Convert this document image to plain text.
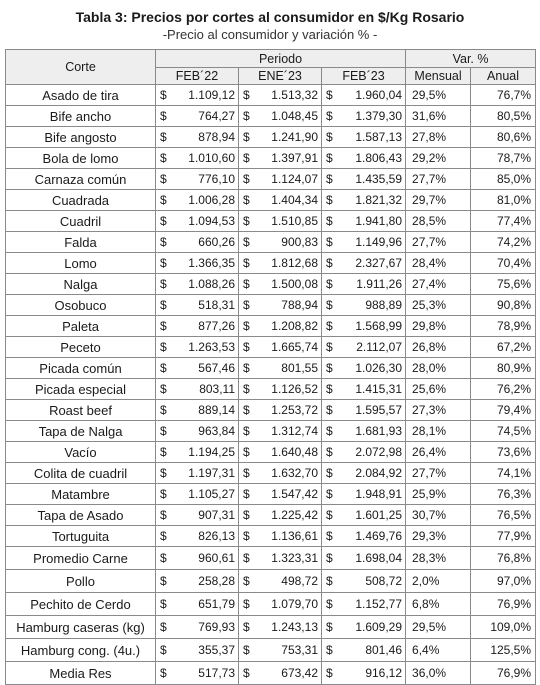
Tabla 3: Precios por cortes al consumidor en $/Kg Rosario
-Precio al consumidor y variación % -
Corte	Periodo			Var. %	
	FEB´22	ENE´23	FEB´23	Mensual	Anual
Asado de tira	$ 1.109,12	$ 1.513,32	$ 1.960,04	29,5%	76,7%
Bife ancho	$ 764,27	$ 1.048,45	$ 1.379,30	31,6%	80,5%
Bife angosto	$ 878,94	$ 1.241,90	$ 1.587,13	27,8%	80,6%
Bola de lomo	$ 1.010,60	$ 1.397,91	$ 1.806,43	29,2%	78,7%
Carnaza común	$ 776,10	$ 1.124,07	$ 1.435,59	27,7%	85,0%
Cuadrada	$ 1.006,28	$ 1.404,34	$ 1.821,32	29,7%	81,0%
Cuadril	$ 1.094,53	$ 1.510,85	$ 1.941,80	28,5%	77,4%
Falda	$ 660,26	$ 900,83	$ 1.149,96	27,7%	74,2%
Lomo	$ 1.366,35	$ 1.812,68	$ 2.327,67	28,4%	70,4%
Nalga	$ 1.088,26	$ 1.500,08	$ 1.911,26	27,4%	75,6%
Osobuco	$ 518,31	$ 788,94	$ 988,89	25,3%	90,8%
Paleta	$ 877,26	$ 1.208,82	$ 1.568,99	29,8%	78,9%
Peceto	$ 1.263,53	$ 1.665,74	$ 2.112,07	26,8%	67,2%
Picada común	$ 567,46	$ 801,55	$ 1.026,30	28,0%	80,9%
Picada especial	$ 803,11	$ 1.126,52	$ 1.415,31	25,6%	76,2%
Roast beef	$ 889,14	$ 1.253,72	$ 1.595,57	27,3%	79,4%
Tapa de Nalga	$ 963,84	$ 1.312,74	$ 1.681,93	28,1%	74,5%
Vacío	$ 1.194,25	$ 1.640,48	$ 2.072,98	26,4%	73,6%
Colita de cuadril	$ 1.197,31	$ 1.632,70	$ 2.084,92	27,7%	74,1%
Matambre	$ 1.105,27	$ 1.547,42	$ 1.948,91	25,9%	76,3%
Tapa de Asado	$ 907,31	$ 1.225,42	$ 1.601,25	30,7%	76,5%
Tortuguita	$ 826,13	$ 1.136,61	$ 1.469,76	29,3%	77,9%
Promedio Carne	$ 960,61	$ 1.323,31	$ 1.698,04	28,3%	76,8%
Pollo	$ 258,28	$ 498,72	$ 508,72	2,0%	97,0%
Pechito de Cerdo	$ 651,79	$ 1.079,70	$ 1.152,77	6,8%	76,9%
Hamburg caseras (kg)	$ 769,93	$ 1.243,13	$ 1.609,29	29,5%	109,0%
Hamburg cong. (4u.)	$ 355,37	$ 753,31	$ 801,46	6,4%	125,5%
Media Res	$ 517,73	$ 673,42	$ 916,12	36,0%	76,9%
